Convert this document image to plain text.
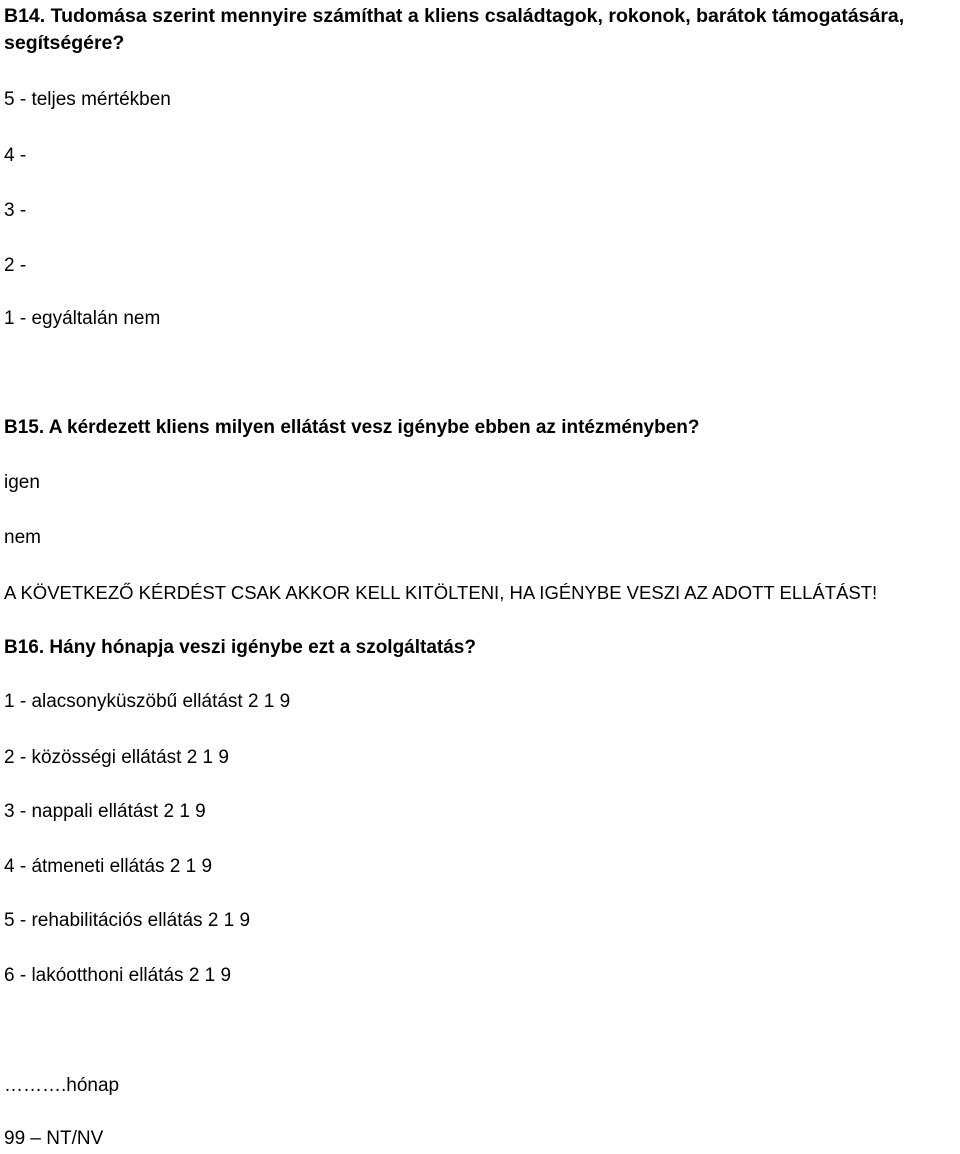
B14. Tudomása szerint mennyire számíthat a kliens családtagok, rokonok, barátok támogatására, segítségére?
5 - teljes mértékben
4 -
3 -
2 -
1 - egyáltalán nem
B15. A kérdezett kliens milyen ellátást vesz igénybe ebben az intézményben?
igen
nem
A KÖVETKEZŐ KÉRDÉST CSAK AKKOR KELL KITÖLTENI, HA IGÉNYBE VESZI AZ ADOTT ELLÁTÁST!
B16. Hány hónapja veszi igénybe ezt a szolgáltatás?
1 - alacsonyküszöbű ellátást 2 1 9
2 - közösségi ellátást 2 1 9
3 - nappali ellátást 2 1 9
4 - átmeneti ellátás 2 1 9
5 - rehabilitációs ellátás 2 1 9
6 - lakóotthoni ellátás 2 1 9
……….hónap
99 – NT/NV
